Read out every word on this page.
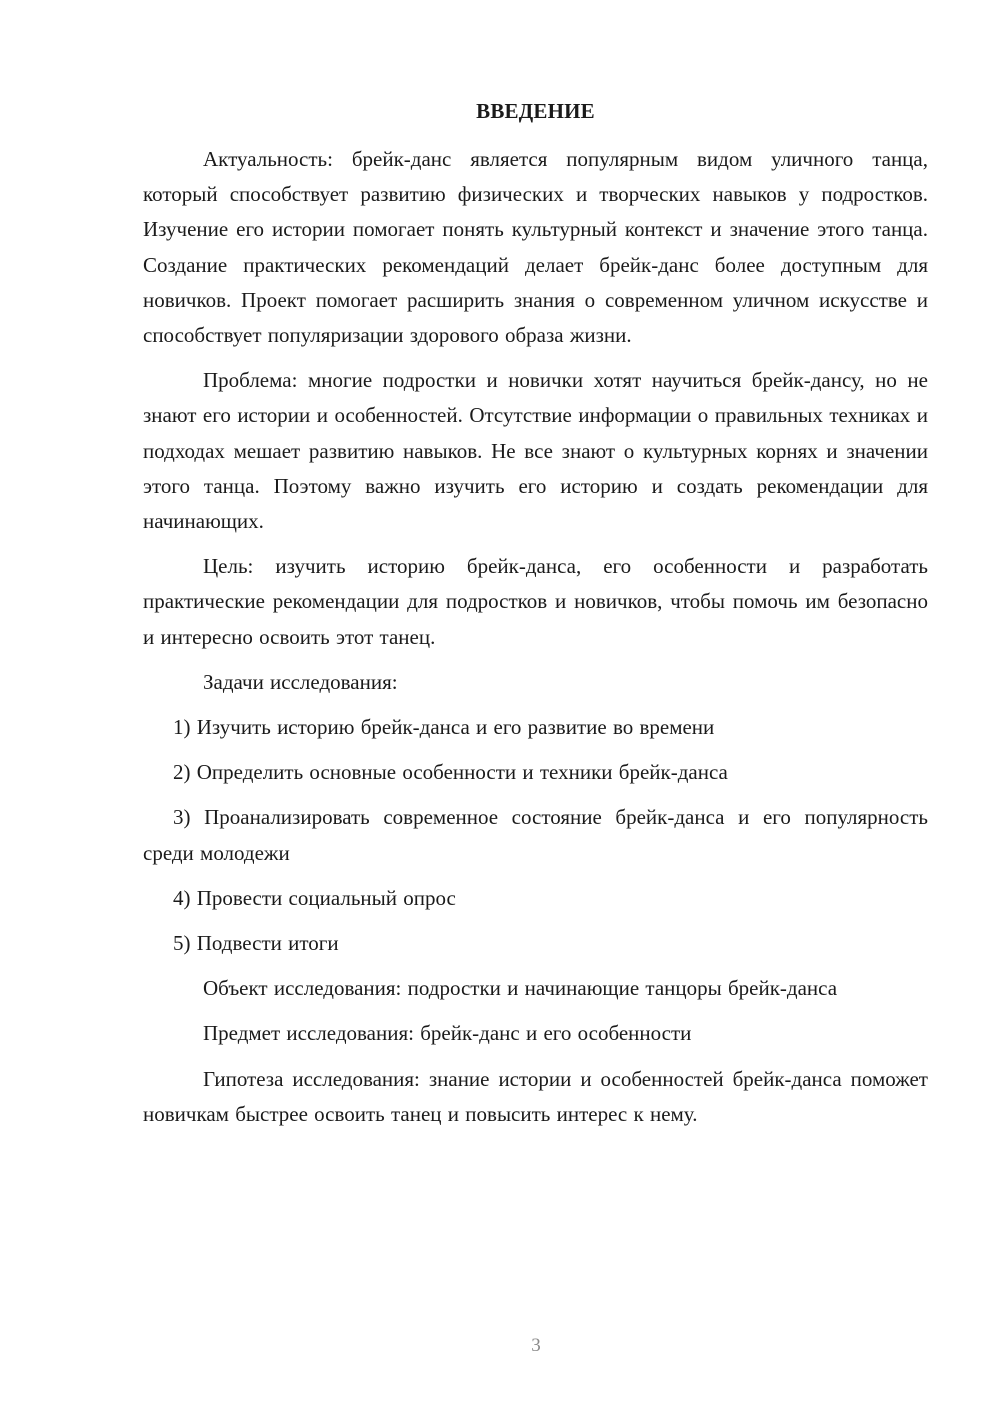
ВВЕДЕНИЕ

Актуальность: брейк-данс является популярным видом уличного танца, который способствует развитию физических и творческих навыков у подростков. Изучение его истории помогает понять культурный контекст и значение этого танца. Создание практических рекомендаций делает брейк-данс более доступным для новичков. Проект помогает расширить знания о современном уличном искусстве и способствует популяризации здорового образа жизни.

Проблема: многие подростки и новички хотят научиться брейк-дансу, но не знают его истории и особенностей. Отсутствие информации о правильных техниках и подходах мешает развитию навыков. Не все знают о культурных корнях и значении этого танца. Поэтому важно изучить его историю и создать рекомендации для начинающих.

Цель: изучить историю брейк-данса, его особенности и разработать практические рекомендации для подростков и новичков, чтобы помочь им безопасно и интересно освоить этот танец.

Задачи исследования:

1) Изучить историю брейк-данса и его развитие во времени

2) Определить основные особенности и техники брейк-данса

3) Проанализировать современное состояние брейк-данса и его популярность среди молодежи

4) Провести социальный опрос

5) Подвести итоги

Объект исследования: подростки и начинающие танцоры брейк-данса

Предмет исследования: брейк-данс и его особенности

Гипотеза исследования: знание истории и особенностей брейк-данса поможет новичкам быстрее освоить танец и повысить интерес к нему.

3
